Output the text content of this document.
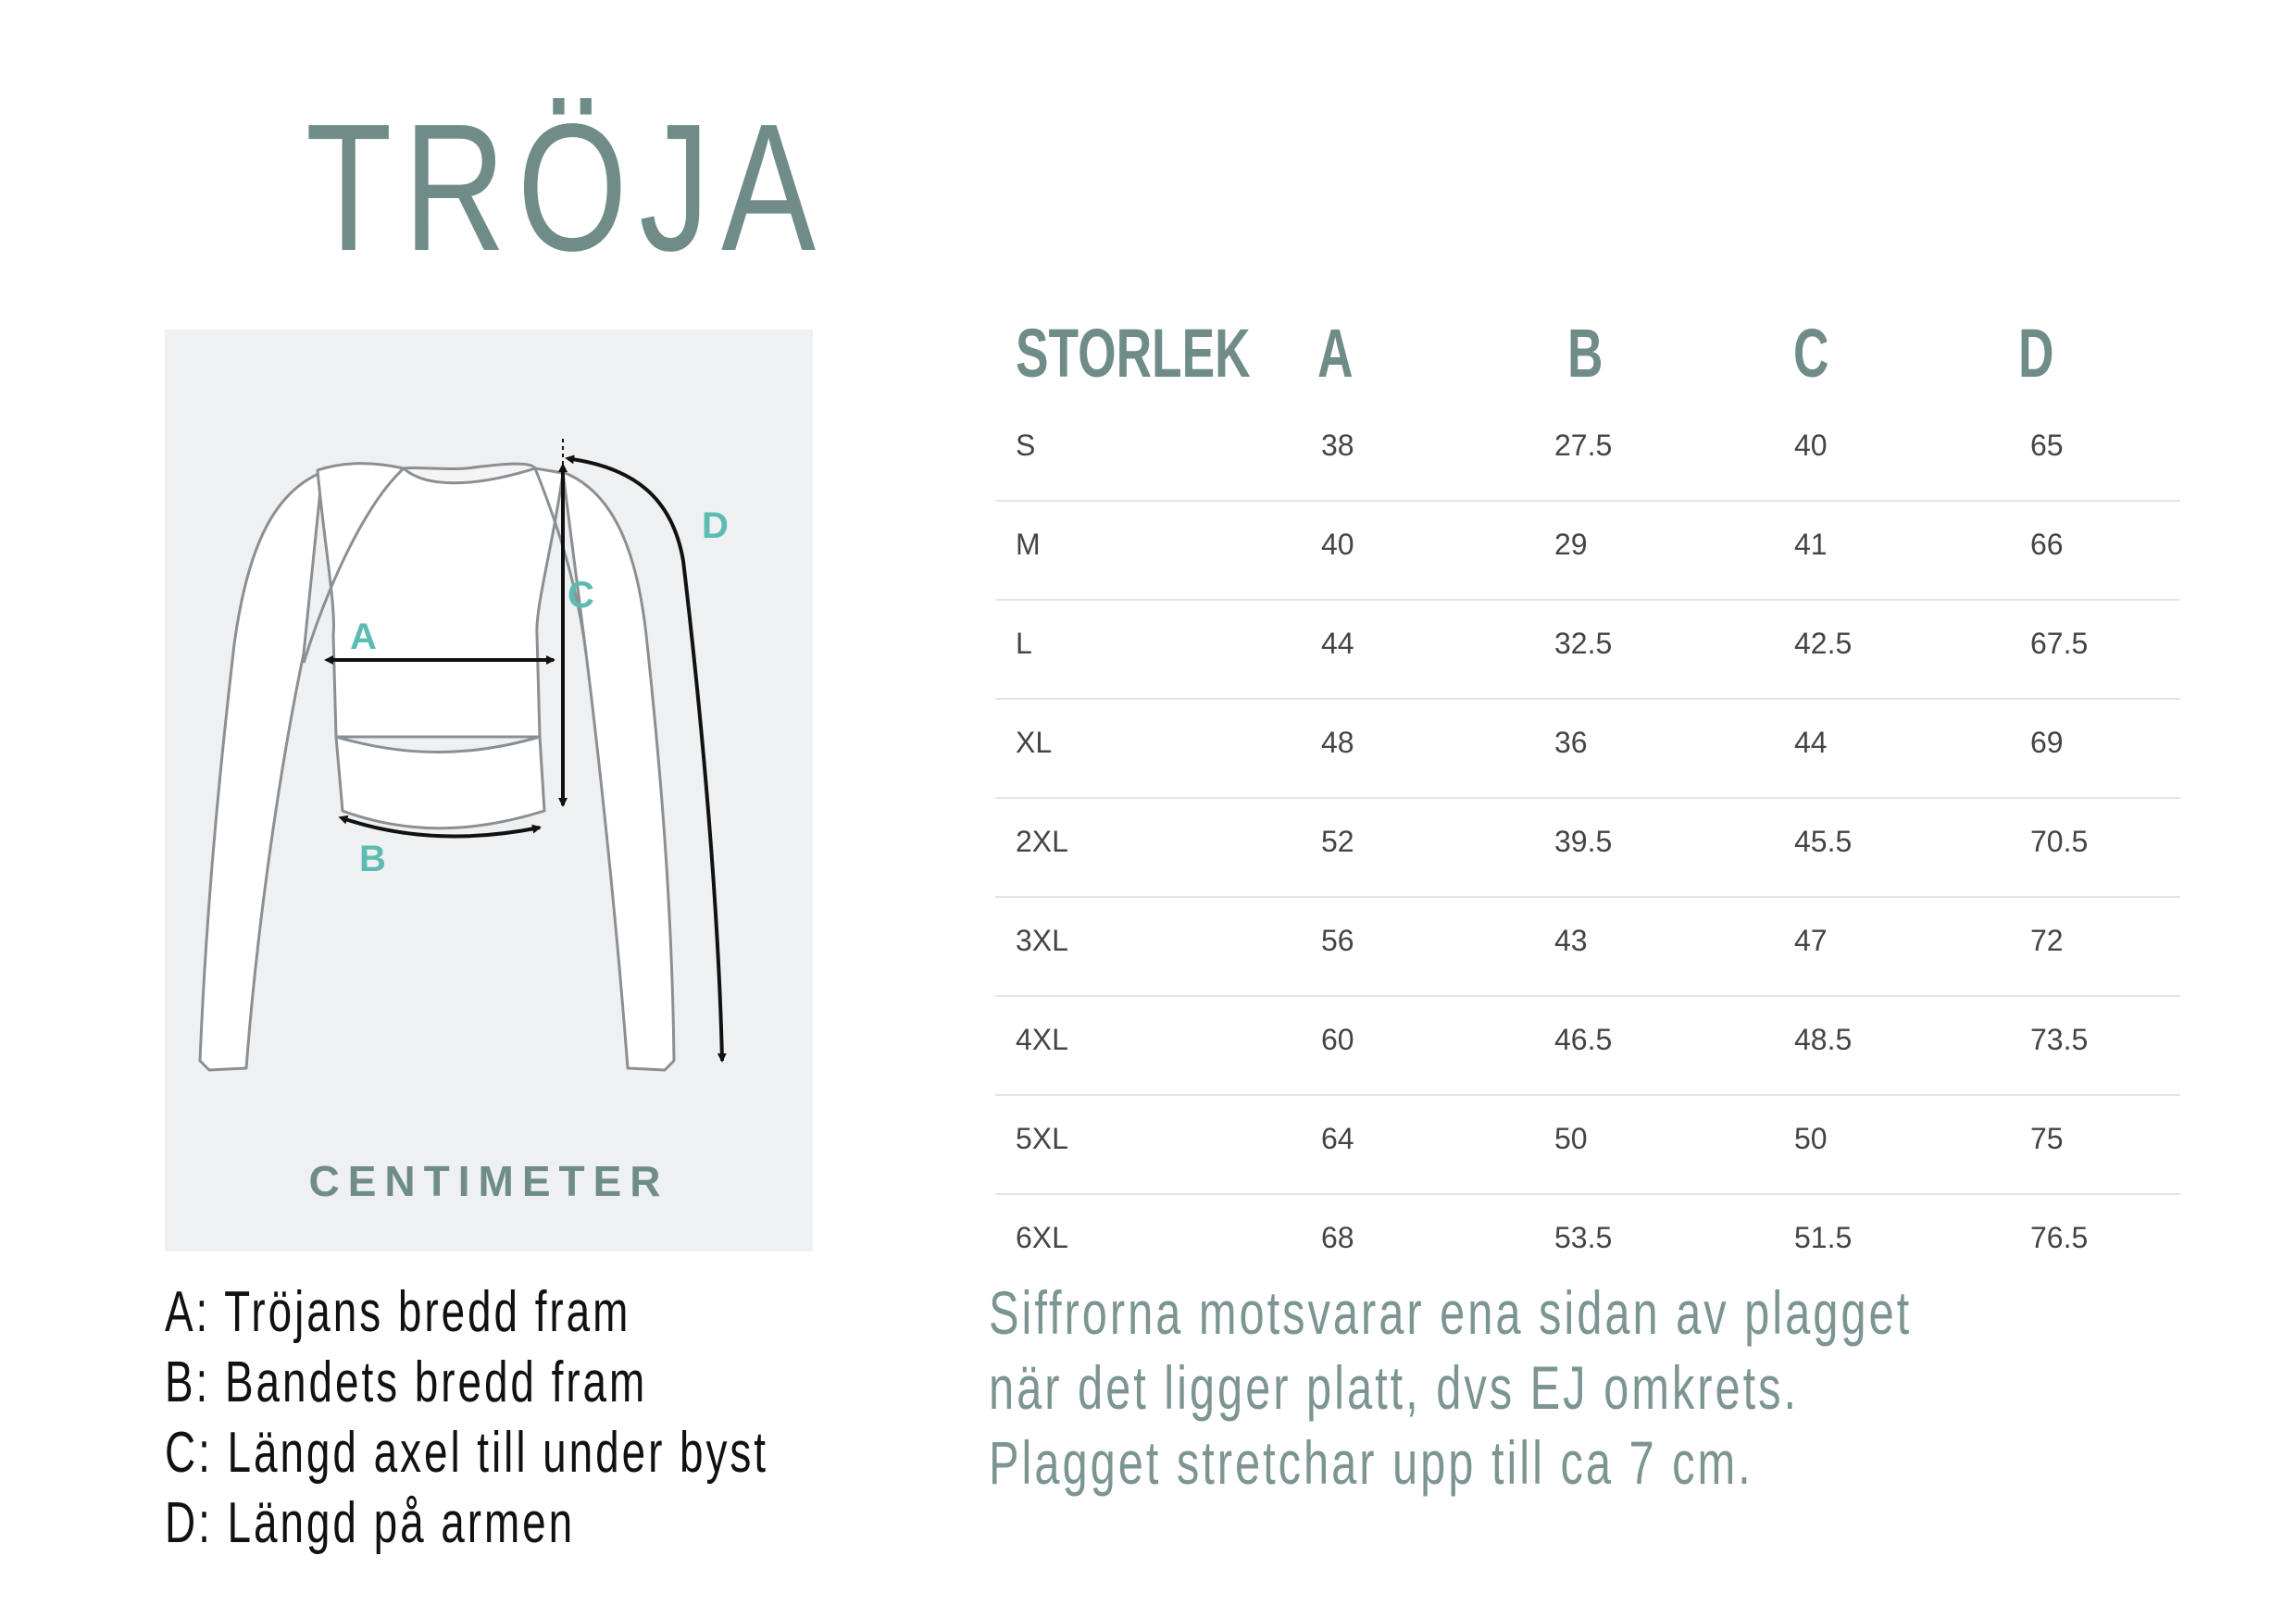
TRÖJA
A
B
C
D
CENTIMETER
A: Tröjans bredd fram
B: Bandets bredd fram
C: Längd axel till under byst
D: Längd på armen
STORLEK A	B	C	D
S	38	27.5	40	65
M	40	29	41	66
L	44	32.5	42.5	67.5
XL	48	36	44	69
2XL	52	39.5	45.5	70.5
3XL	56	43	47	72
4XL	60	46.5	48.5	73.5
5XL	64	50	50	75
6XL	68	53.5	51.5	76.5
Siffrorna motsvarar ena sidan av plagget
när det ligger platt, dvs EJ omkrets.
Plagget stretchar upp till ca 7 cm.
